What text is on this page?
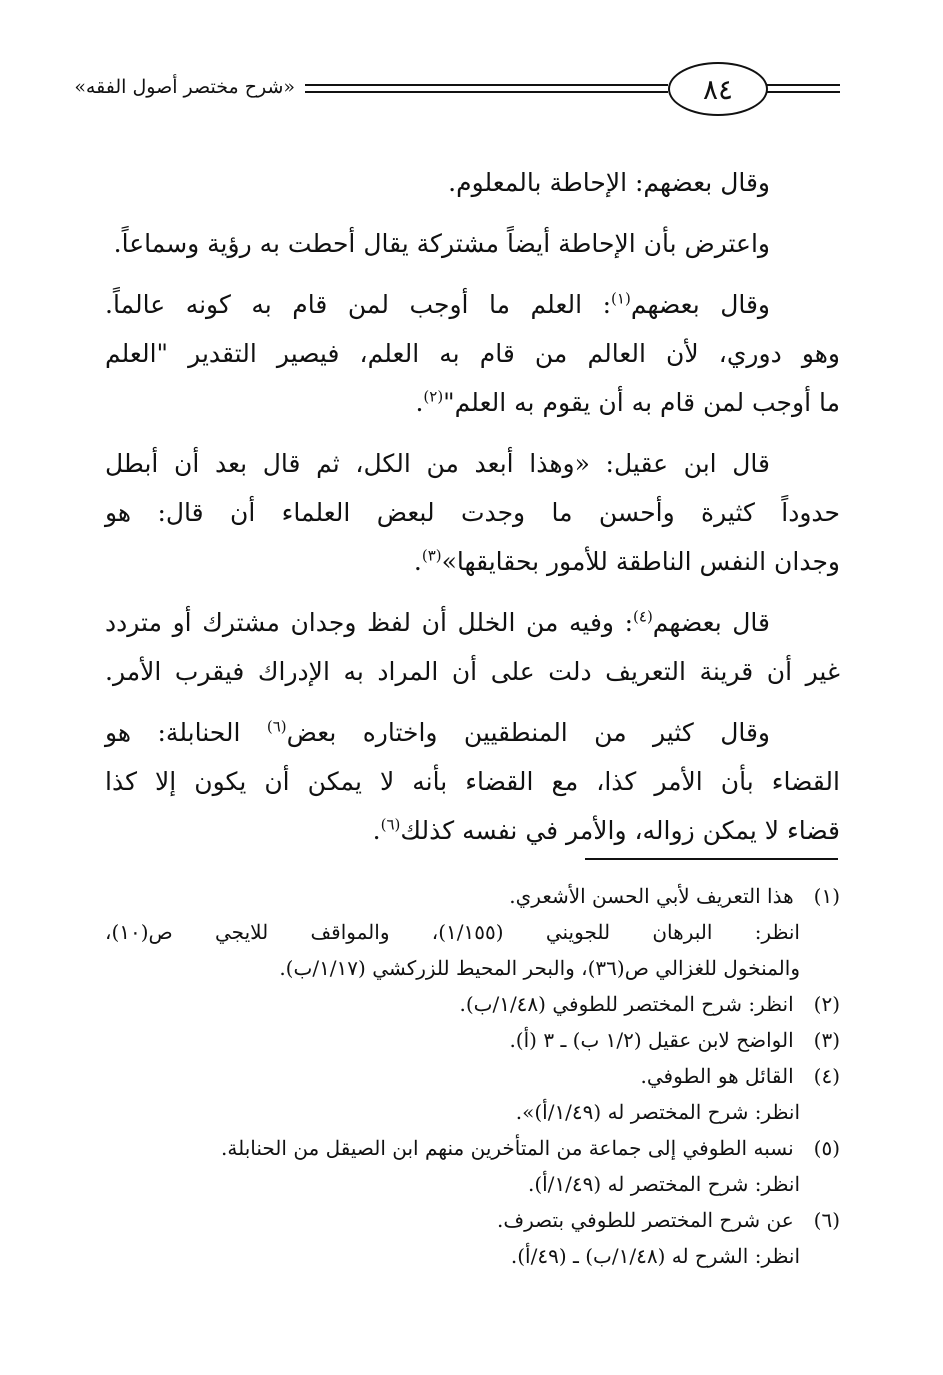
«شرح مختصر أصول الفقه»	٨٤
وقال بعضهم: الإحاطة بالمعلوم.
واعترض بأن الإحاطة أيضاً مشتركة يقال أحطت به رؤية وسماعاً.
وقال بعضهم$^{(١)}$: العلم ما أوجب لمن قام به كونه عالماً.
وهو دوري، لأن العالم من قام به العلم، فيصير التقدير "العلم
ما أوجب لمن قام به أن يقوم به العلم"$^{(٢)}$.
قال ابن عقيل: «وهذا أبعد من الكل، ثم قال بعد أن أبطل
حدوداً كثيرة وأحسن ما وجدت لبعض العلماء أن قال: هو
وجدان النفس الناطقة للأمور بحقايقها»$^{(٣)}$.
قال بعضهم$^{(٤)}$: وفيه من الخلل أن لفظ وجدان مشترك أو متردد
غير أن قرينة التعريف دلت على أن المراد به الإدراك فيقرب الأمر.
وقال كثير من المنطقيين واختاره بعض$^{(٦)}$ الحنابلة: هو
القضاء بأن الأمر كذا، مع القضاء بأنه لا يمكن أن يكون إلا كذا
قضاء لا يمكن زواله، والأمر في نفسه كذلك$^{(٦)}$.
(١) هذا التعريف لأبي الحسن الأشعري.
انظر: البرهان للجويني (١/١٥٥)، والمواقف للايجي ص(١٠)،
والمنخول للغزالي ص(٣٦)، والبحر المحيط للزركشي (١/١٧/ب).
(٢) انظر: شرح المختصر للطوفي (١/٤٨/ب).
(٣) الواضح لابن عقيل (١/٢ ب) ـ ٣ (أ).
(٤) القائل هو الطوفي.
انظر: شرح المختصر له (١/٤٩/أ)».
(٥) نسبه الطوفي إلى جماعة من المتأخرين منهم ابن الصيقل من الحنابلة.
انظر: شرح المختصر له (١/٤٩/أ).
(٦) عن شرح المختصر للطوفي بتصرف.
انظر: الشرح له (١/٤٨/ب) ـ (٤٩/أ).
